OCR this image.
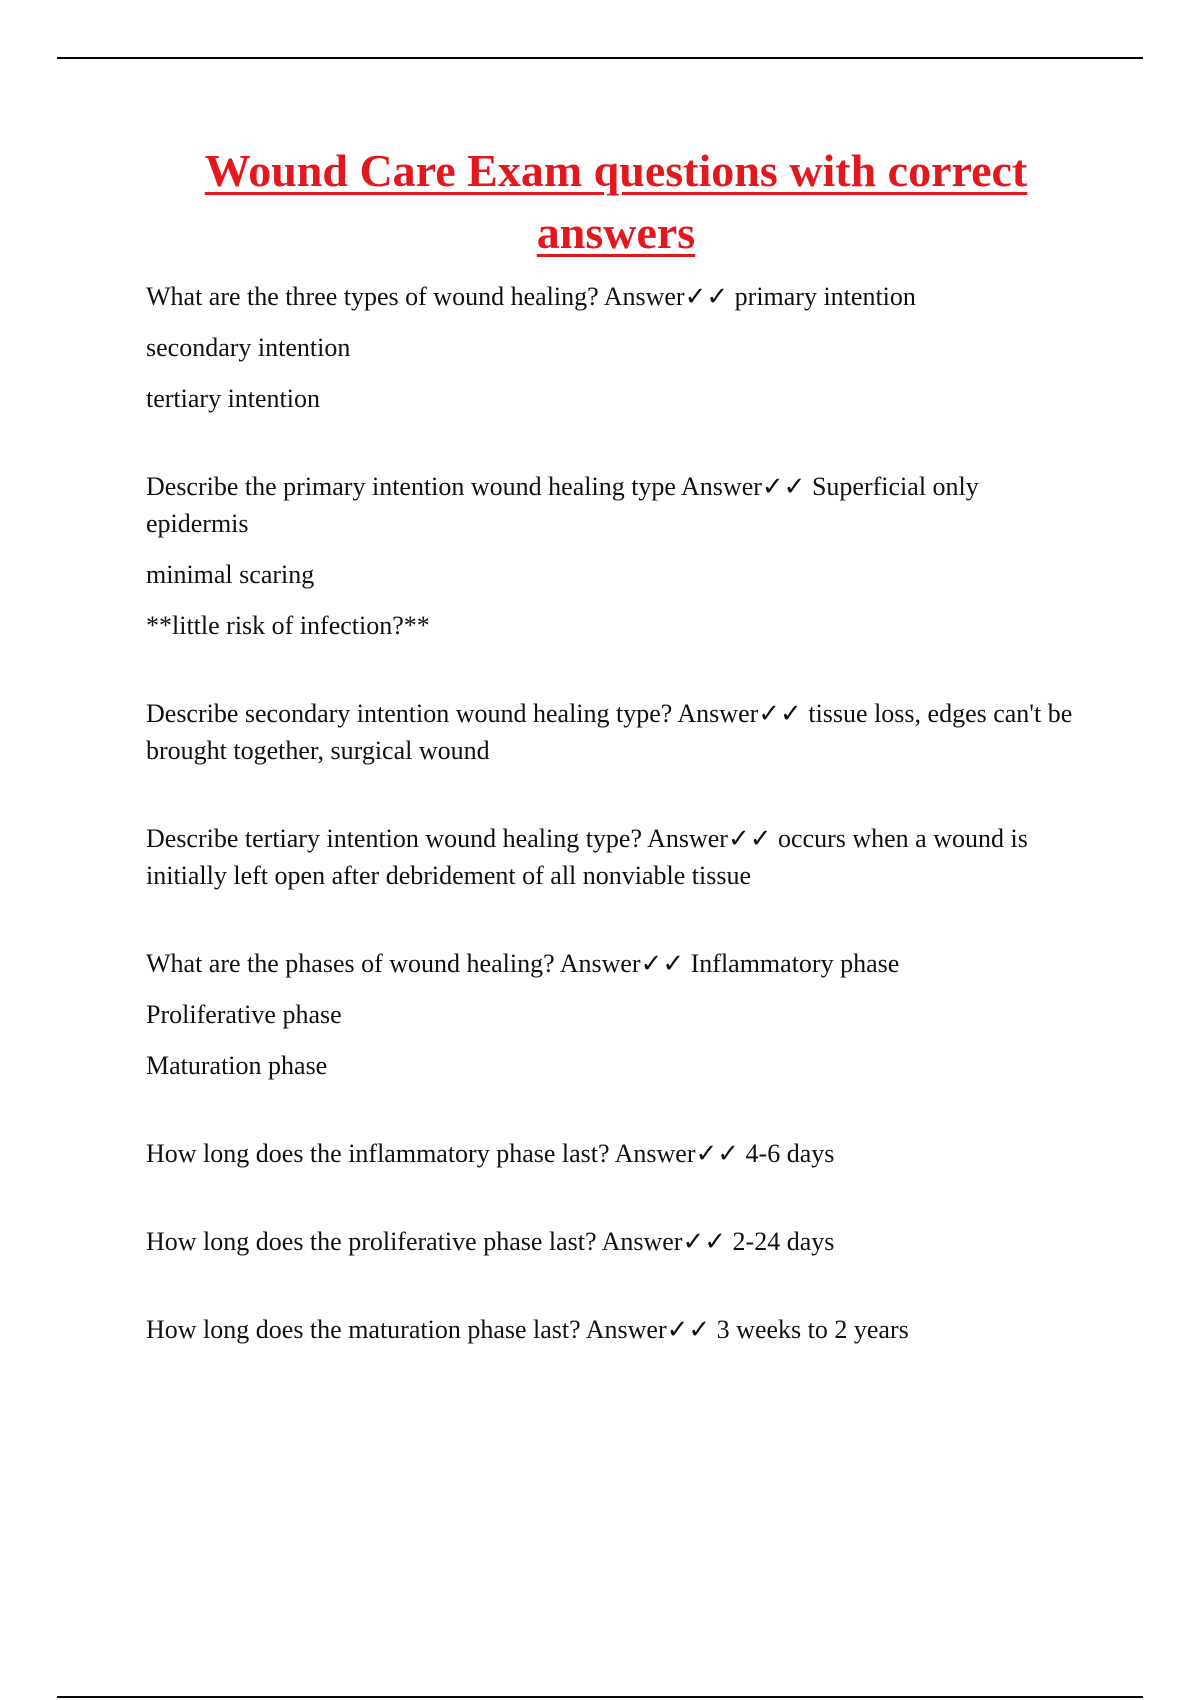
Wound Care Exam questions with correct answers

What are the three types of wound healing? Answer✓✓ primary intention

secondary intention

tertiary intention

Describe the primary intention wound healing type Answer✓✓ Superficial only epidermis

minimal scaring

**little risk of infection?**

Describe secondary intention wound healing type? Answer✓✓ tissue loss, edges can't be brought together, surgical wound

Describe tertiary intention wound healing type? Answer✓✓ occurs when a wound is initially left open after debridement of all nonviable tissue

What are the phases of wound healing? Answer✓✓ Inflammatory phase

Proliferative phase

Maturation phase

How long does the inflammatory phase last? Answer✓✓ 4-6 days

How long does the proliferative phase last? Answer✓✓ 2-24 days

How long does the maturation phase last? Answer✓✓ 3 weeks to 2 years
